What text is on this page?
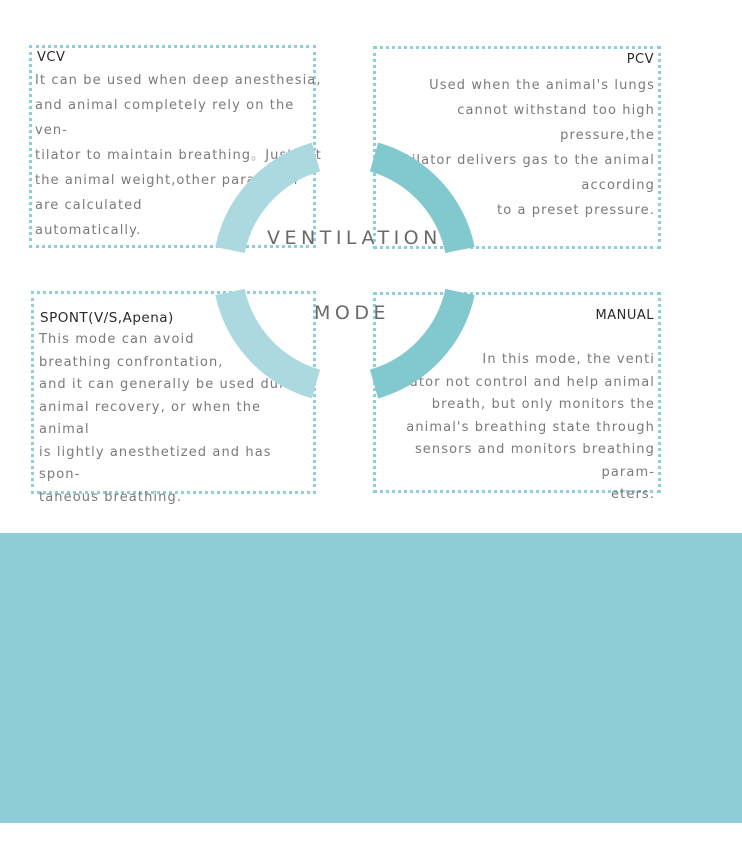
VCV
It can be used when deep anesthesia,
and animal completely rely on the ven-
tilator to maintain breathing。Just set
the animal weight,other parameter
are calculated
automatically.
PCV
Used when the animal's lungs
cannot withstand too high pressure,the
ventilator delivers gas to the animal
according
to a preset pressure.
SPONT(V/S,Apena)
This mode can avoid
breathing confrontation,
and it can generally be used during
animal recovery, or when the animal
is lightly anesthetized and has spon-
taneous breathing.
MANUAL
In this mode, the venti
lator not control and help animal
breath, but only monitors the
animal's breathing state through
sensors and monitors breathing param-
eters.
VENTILATION
MODE
